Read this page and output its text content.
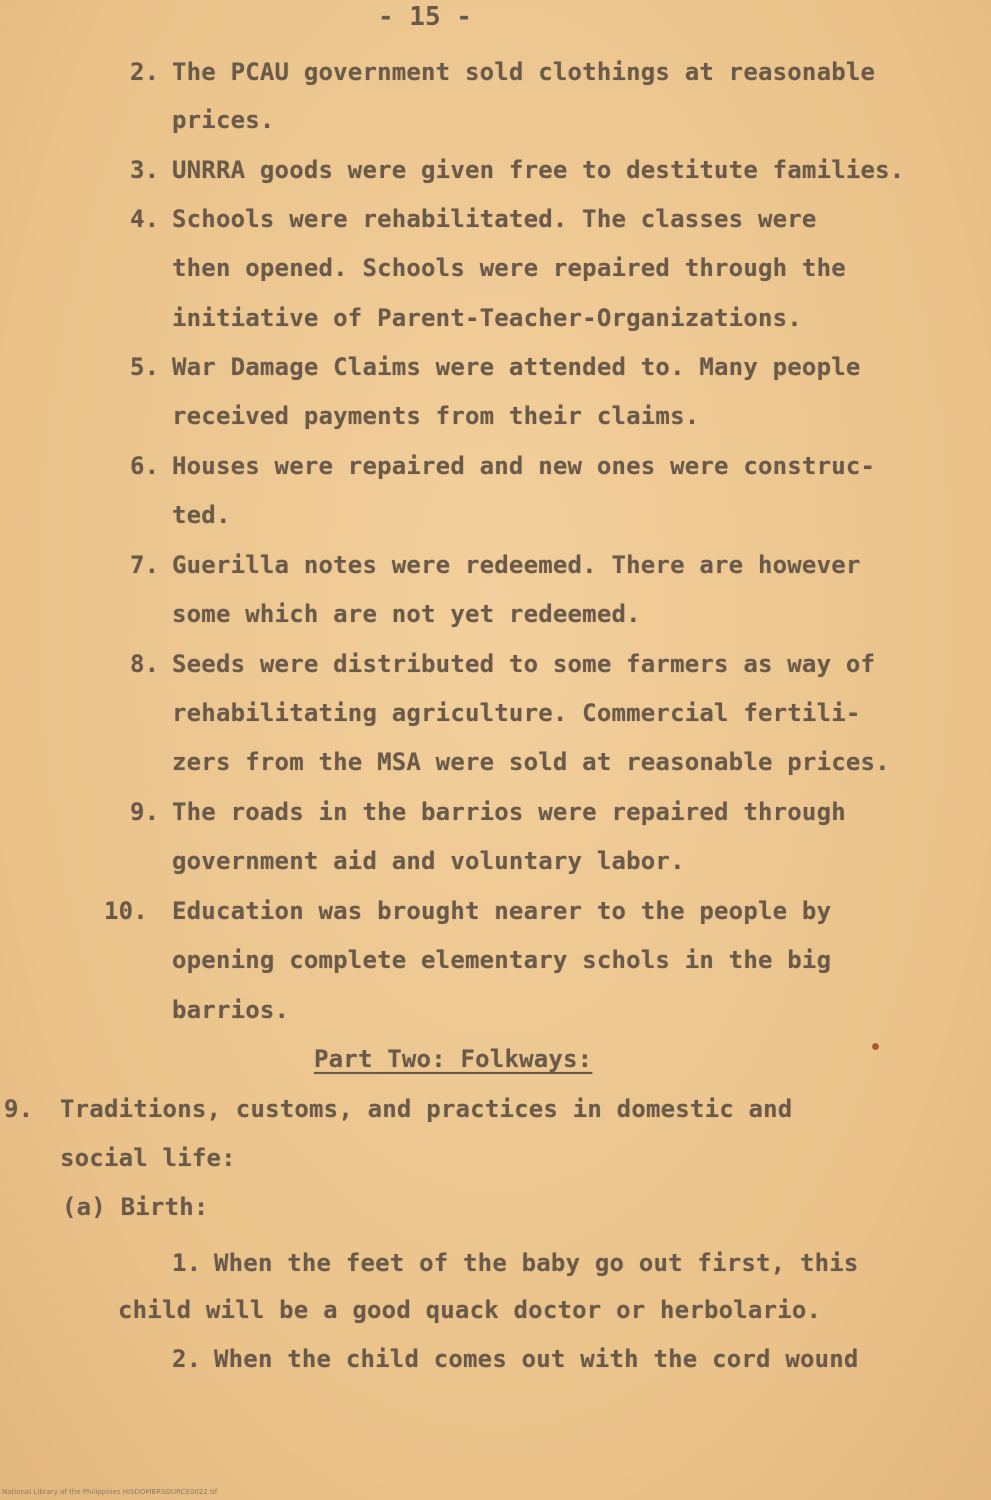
- 15 -
2. The PCAU government sold clothings at reasonable
prices.
3. UNRRA goods were given free to destitute families.
4. Schools were rehabilitated. The classes were
then opened. Schools were repaired through the
initiative of Parent-Teacher-Organizations.
5. War Damage Claims were attended to. Many people
received payments from their claims.
6. Houses were repaired and new ones were construc-
ted.
7. Guerilla notes were redeemed. There are however
some which are not yet redeemed.
8. Seeds were distributed to some farmers as way of
rehabilitating agriculture. Commercial fertili-
zers from the MSA were sold at reasonable prices.
9. The roads in the barrios were repaired through
government aid and voluntary labor.
10. Education was brought nearer to the people by
opening complete elementary schols in the big
barrios.
Part Two: Folkways:
9. Traditions, customs, and practices in domestic and
social life:
(a) Birth:
1. When the feet of the baby go out first, this
child will be a good quack doctor or herbolario.
2. When the child comes out with the cord wound
National Library of the Philippines HISDOMBRSOURCE0022.tif
